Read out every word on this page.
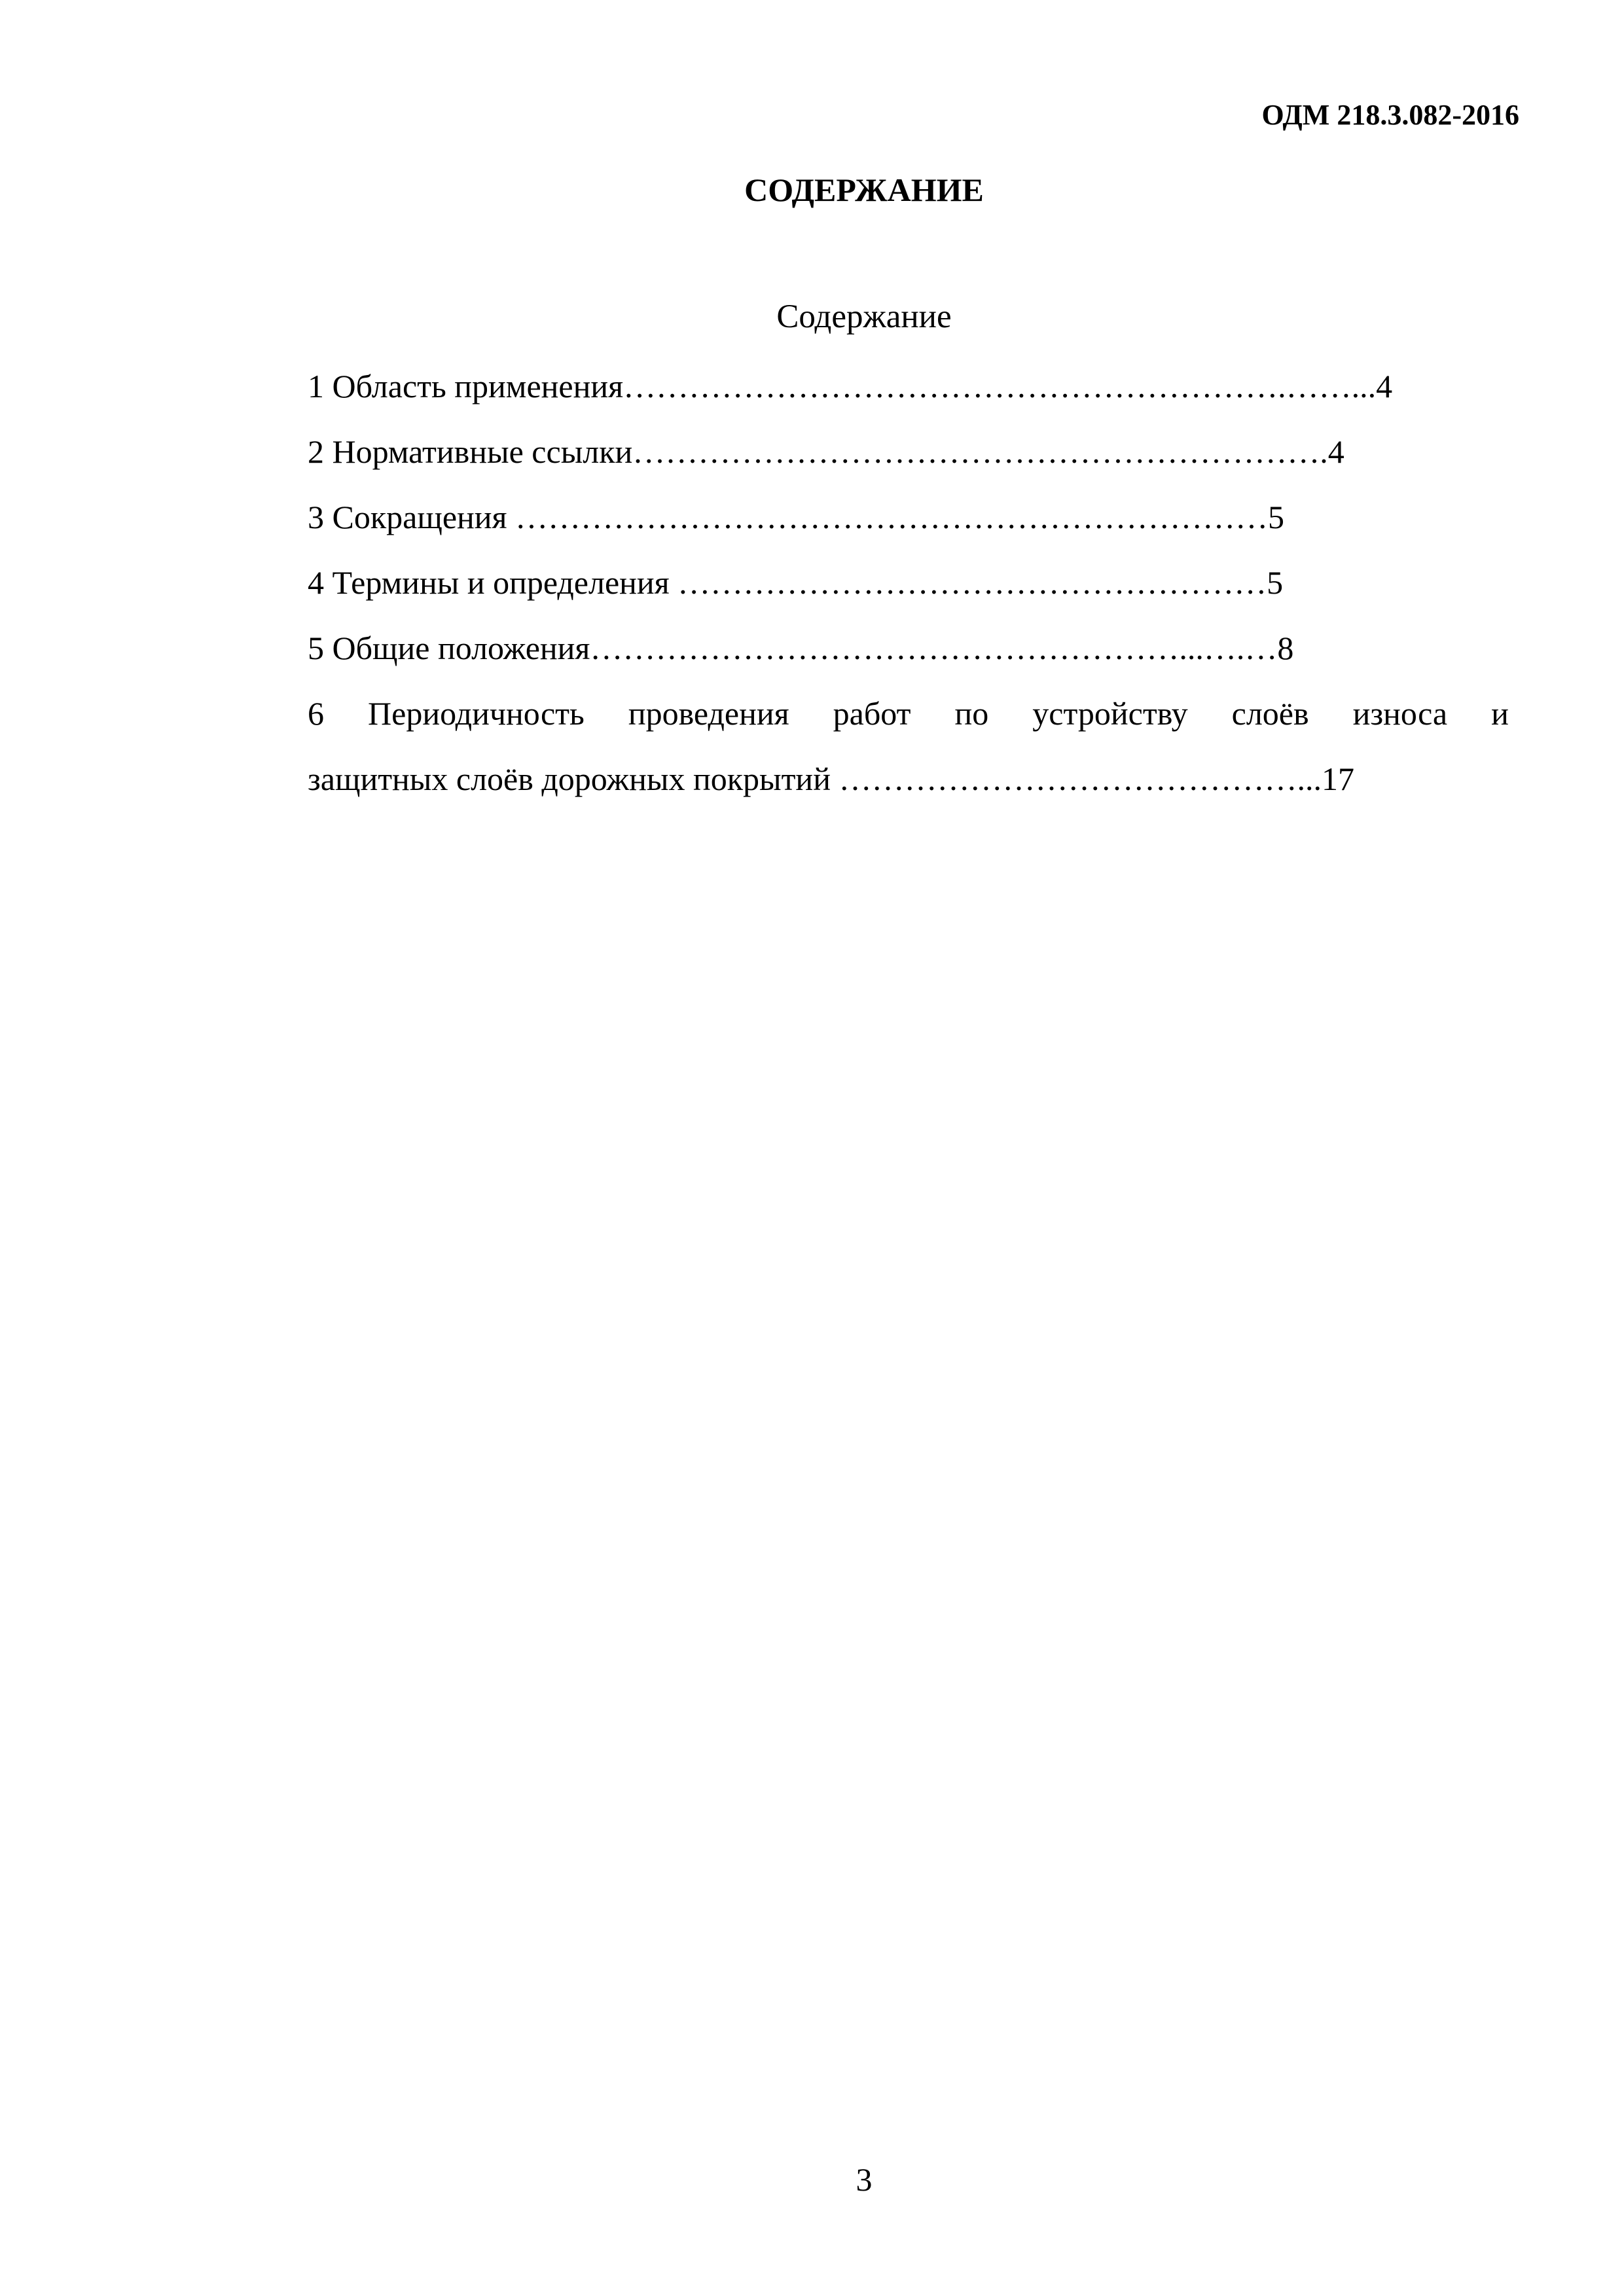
ОДМ 218.3.082-2016
СОДЕРЖАНИЕ
Содержание
1 Область применения…………………………………………………….……...4
2 Нормативные ссылки……………………………………………………….4
3 Сокращения ……………………………………………………………5
4 Термины и определения ………………………………………………5
5 Общие положения………………………………………………...….…8
6 Периодичность проведения работ по устройству слоёв износа и
защитных слоёв дорожных покрытий ……………………………………...17
3
